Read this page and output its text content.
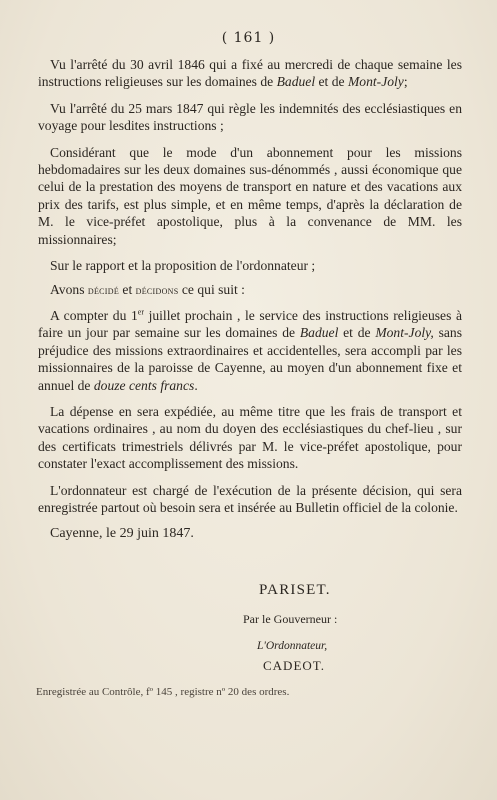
( 161 )

Vu l'arrêté du 30 avril 1846 qui a fixé au mercredi de chaque semaine les instructions religieuses sur les domaines de Baduel et de Mont-Joly;

Vu l'arrêté du 25 mars 1847 qui règle les indemnités des ecclésiastiques en voyage pour lesdites instructions ;

Considérant que le mode d'un abonnement pour les missions hebdomadaires sur les deux domaines sus-dénommés , aussi économique que celui de la prestation des moyens de transport en nature et des vacations aux prix des tarifs, est plus simple, et en même temps, d'après la déclaration de M. le vice-préfet apostolique, plus à la convenance de MM. les missionnaires;

Sur le rapport et la proposition de l'ordonnateur ;

Avons décidé et décidons ce qui suit :

A compter du 1er juillet prochain , le service des instructions religieuses à faire un jour par semaine sur les domaines de Baduel et de Mont-Joly, sans préjudice des missions extraordinaires et accidentelles, sera accompli par les missionnaires de la paroisse de Cayenne, au moyen d'un abonnement fixe et annuel de douze cents francs.

La dépense en sera expédiée, au même titre que les frais de transport et vacations ordinaires , au nom du doyen des ecclésiastiques du chef-lieu , sur des certificats trimestriels délivrés par M. le vice-préfet apostolique, pour constater l'exact accomplissement des missions.

L'ordonnateur est chargé de l'exécution de la présente décision, qui sera enregistrée partout où besoin sera et insérée au Bulletin officiel de la colonie.

Cayenne, le 29 juin 1847.
PARISET.
Par le Gouverneur :
L'Ordonnateur,
CADEOT.
Enregistrée au Contrôle, fº 145 , registre nº 20 des ordres.
